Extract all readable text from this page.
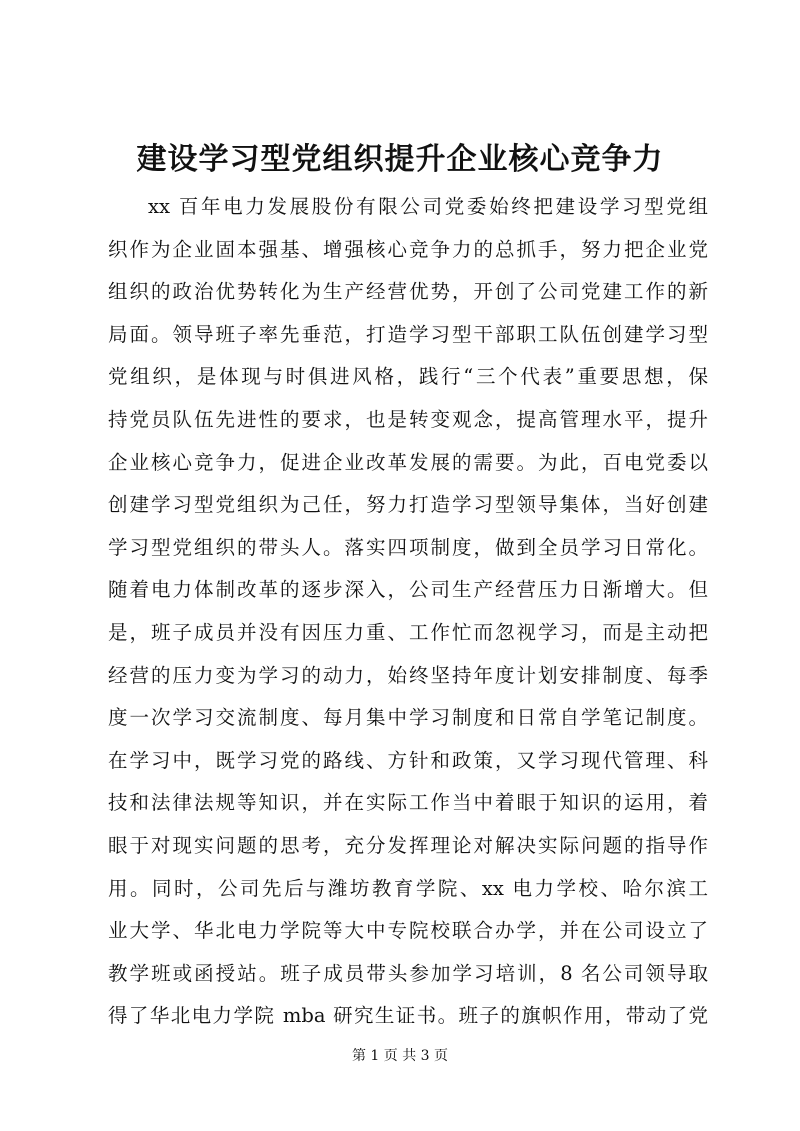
建设学习型党组织提升企业核心竞争力
xx 百年电力发展股份有限公司党委始终把建设学习型党组
织作为企业固本强基、增强核心竞争力的总抓手，努力把企业党
组织的政治优势转化为生产经营优势，开创了公司党建工作的新
局面。领导班子率先垂范，打造学习型干部职工队伍创建学习型
党组织，是体现与时俱进风格，践行“三个代表”重要思想，保
持党员队伍先进性的要求，也是转变观念，提高管理水平，提升
企业核心竞争力，促进企业改革发展的需要。为此，百电党委以
创建学习型党组织为己任，努力打造学习型领导集体，当好创建
学习型党组织的带头人。落实四项制度，做到全员学习日常化。
随着电力体制改革的逐步深入，公司生产经营压力日渐增大。但
是，班子成员并没有因压力重、工作忙而忽视学习，而是主动把
经营的压力变为学习的动力，始终坚持年度计划安排制度、每季
度一次学习交流制度、每月集中学习制度和日常自学笔记制度。
在学习中，既学习党的路线、方针和政策，又学习现代管理、科
技和法律法规等知识，并在实际工作当中着眼于知识的运用，着
眼于对现实问题的思考，充分发挥理论对解决实际问题的指导作
用。同时，公司先后与潍坊教育学院、xx 电力学校、哈尔滨工
业大学、华北电力学院等大中专院校联合办学，并在公司设立了
教学班或函授站。班子成员带头参加学习培训，8 名公司领导取
得了华北电力学院 mba 研究生证书。班子的旗帜作用，带动了党
第 1 页 共 3 页
